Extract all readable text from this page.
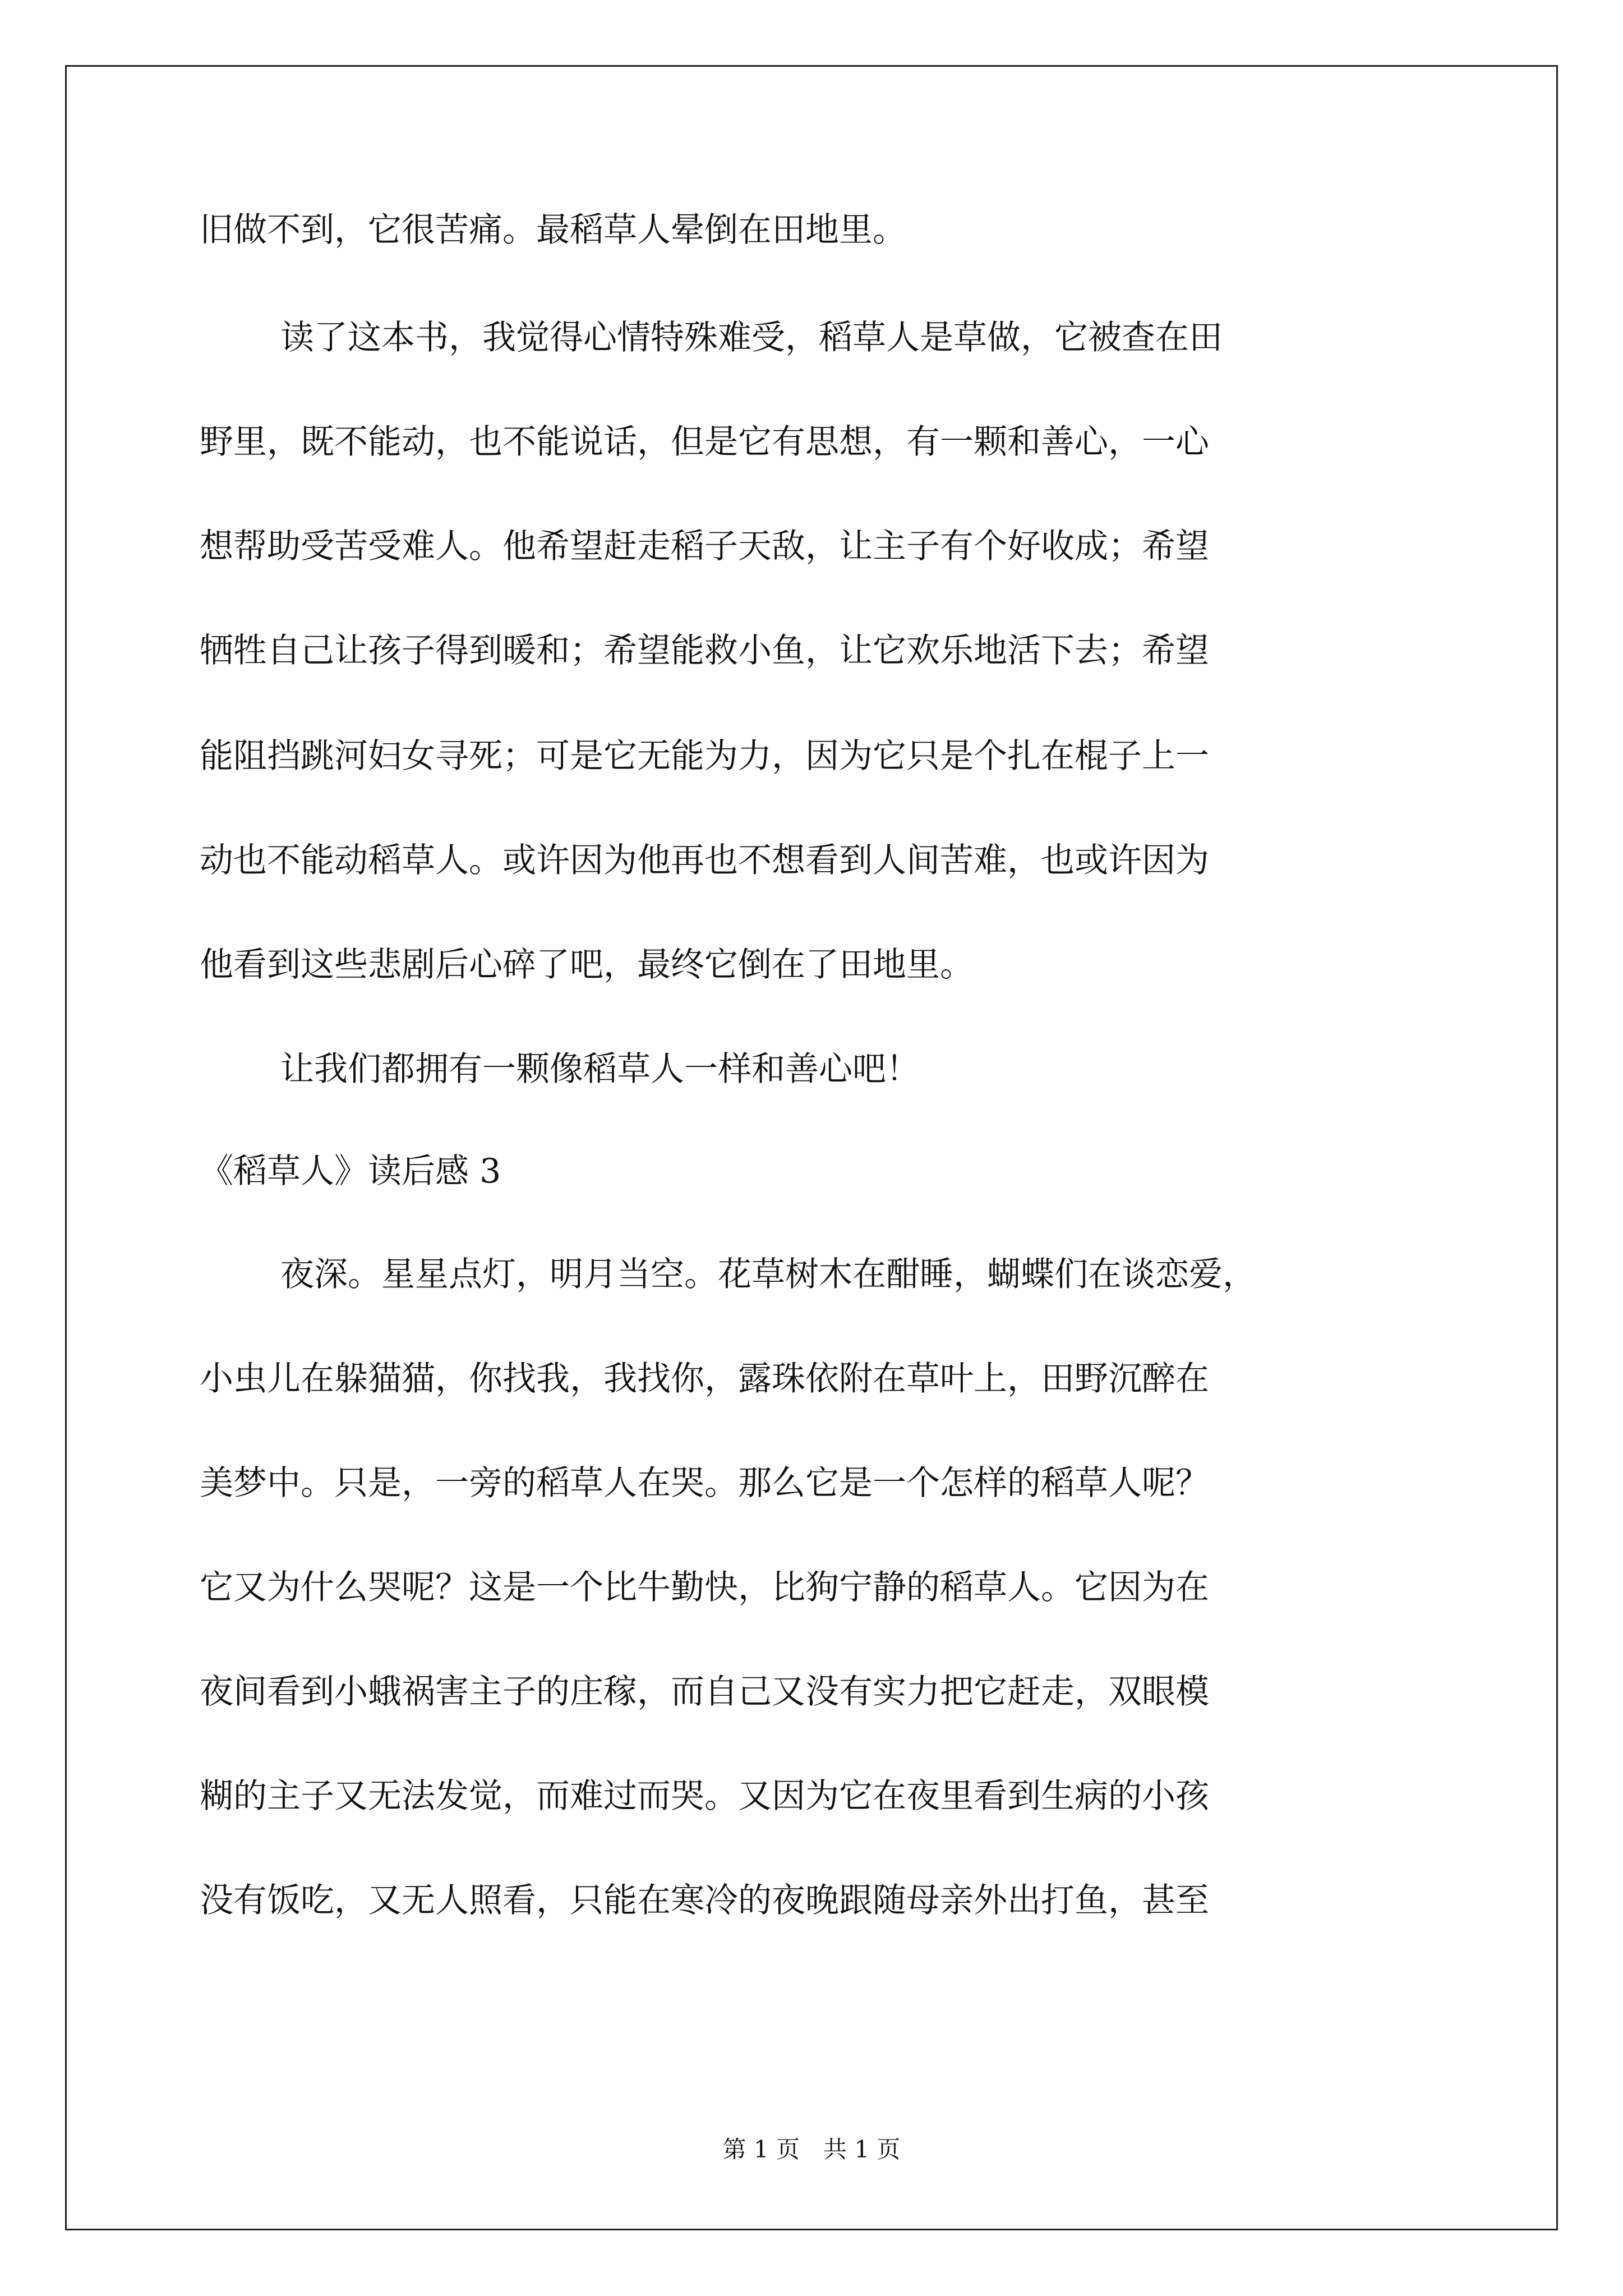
旧做不到，它很苦痛。最稻草人晕倒在田地里。
读了这本书，我觉得心情特殊难受，稻草人是草做，它被查在田
野里，既不能动，也不能说话，但是它有思想，有一颗和善心，一心
想帮助受苦受难人。他希望赶走稻子天敌，让主子有个好收成；希望
牺牲自己让孩子得到暖和；希望能救小鱼，让它欢乐地活下去；希望
能阻挡跳河妇女寻死；可是它无能为力，因为它只是个扎在棍子上一
动也不能动稻草人。或许因为他再也不想看到人间苦难，也或许因为
他看到这些悲剧后心碎了吧，最终它倒在了田地里。
让我们都拥有一颗像稻草人一样和善心吧！
《稻草人》读后感 3
夜深。星星点灯，明月当空。花草树木在酣睡，蝴蝶们在谈恋爱，
小虫儿在躲猫猫，你找我，我找你，露珠依附在草叶上，田野沉醉在
美梦中。只是，一旁的稻草人在哭。那么它是一个怎样的稻草人呢？
它又为什么哭呢？这是一个比牛勤快，比狗宁静的稻草人。它因为在
夜间看到小蛾祸害主子的庄稼，而自己又没有实力把它赶走，双眼模
糊的主子又无法发觉，而难过而哭。又因为它在夜里看到生病的小孩
没有饭吃，又无人照看，只能在寒冷的夜晚跟随母亲外出打鱼，甚至
第 1 页　共 1 页
